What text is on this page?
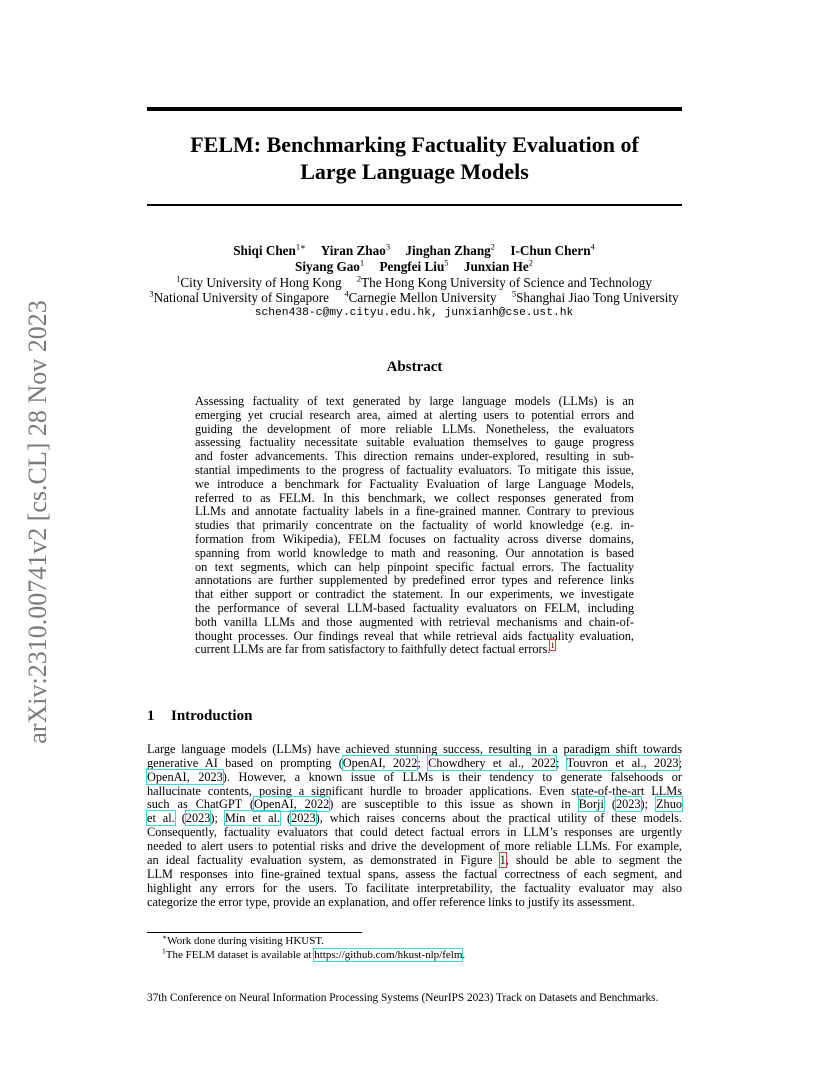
arXiv:2310.00741v2 [cs.CL] 28 Nov 2023
FELM: Benchmarking Factuality Evaluation of
Large Language Models
Shiqi Chen$^{1∗}$ Yiran Zhao$^3$ Jinghan Zhang$^2$ I-Chun Chern$^4$
Siyang Gao$^1$ Pengfei Liu$^5$ Junxian He$^2$
$^1$City University of Hong Kong $^2$The Hong Kong University of Science and Technology
$^3$National University of Singapore $^4$Carnegie Mellon University $^5$Shanghai Jiao Tong University
schen438-c@my.cityu.edu.hk, junxianh@cse.ust.hk
Abstract
Assessing factuality of text generated by large language models (LLMs) is an
emerging yet crucial research area, aimed at alerting users to potential errors and
guiding the development of more reliable LLMs. Nonetheless, the evaluators
assessing factuality necessitate suitable evaluation themselves to gauge progress
and foster advancements. This direction remains under-explored, resulting in sub-
stantial impediments to the progress of factuality evaluators. To mitigate this issue,
we introduce a benchmark for Factuality Evaluation of large Language Models,
referred to as FELM. In this benchmark, we collect responses generated from
LLMs and annotate factuality labels in a fine-grained manner. Contrary to previous
studies that primarily concentrate on the factuality of world knowledge (e.g. in-
formation from Wikipedia), FELM focuses on factuality across diverse domains,
spanning from world knowledge to math and reasoning. Our annotation is based
on text segments, which can help pinpoint specific factual errors. The factuality
annotations are further supplemented by predefined error types and reference links
that either support or contradict the statement. In our experiments, we investigate
the performance of several LLM-based factuality evaluators on FELM, including
both vanilla LLMs and those augmented with retrieval mechanisms and chain-of-
thought processes. Our findings reveal that while retrieval aids factuality evaluation,
current LLMs are far from satisfactory to faithfully detect factual errors.$^1$
1 Introduction
Large language models (LLMs) have achieved stunning success, resulting in a paradigm shift towards
generative AI based on prompting (OpenAI, 2022; Chowdhery et al., 2022; Touvron et al., 2023;
OpenAI, 2023). However, a known issue of LLMs is their tendency to generate falsehoods or
hallucinate contents, posing a significant hurdle to broader applications. Even state-of-the-art LLMs
such as ChatGPT (OpenAI, 2022) are susceptible to this issue as shown in Borji (2023); Zhuo
et al. (2023); Min et al. (2023), which raises concerns about the practical utility of these models.
Consequently, factuality evaluators that could detect factual errors in LLM’s responses are urgently
needed to alert users to potential risks and drive the development of more reliable LLMs. For example,
an ideal factuality evaluation system, as demonstrated in Figure 1, should be able to segment the
LLM responses into fine-grained textual spans, assess the factual correctness of each segment, and
highlight any errors for the users. To facilitate interpretability, the factuality evaluator may also
categorize the error type, provide an explanation, and offer reference links to justify its assessment.
∗Work done during visiting HKUST.
$^1$The FELM dataset is available at https://github.com/hkust-nlp/felm.
37th Conference on Neural Information Processing Systems (NeurIPS 2023) Track on Datasets and Benchmarks.
